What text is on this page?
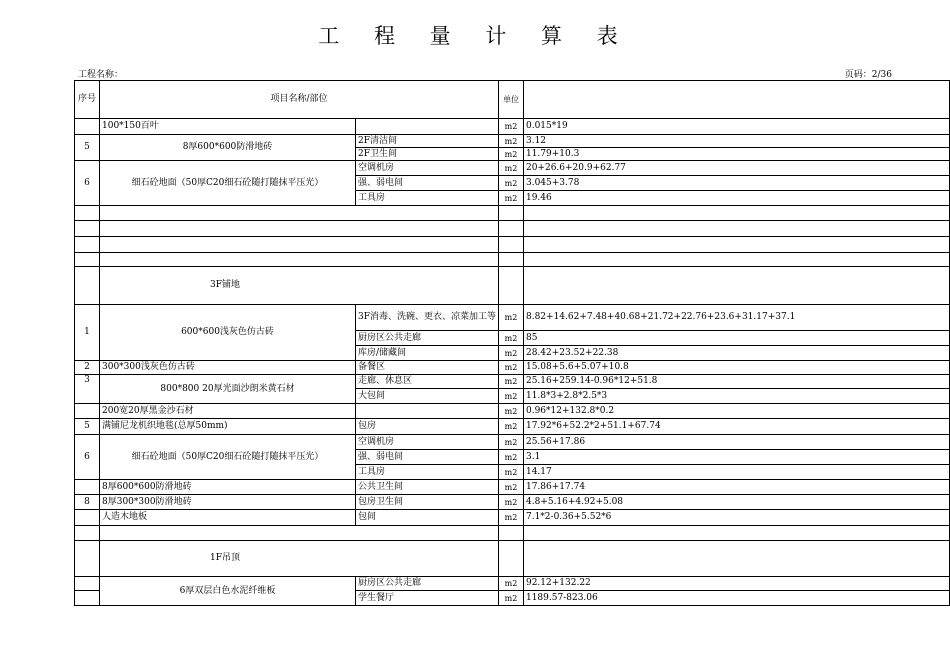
工 程 量 计 算 表
工程名称：	页码：2/36
序号	项目名称/部位		单位	
	100*150百叶		m2	0.015*19
5	8厚600*600防滑地砖	2F清洁间	m2	3.12
		2F卫生间	m2	11.79+10.3
6	细石砼地面（50厚C20细石砼随打随抹平压光）	空调机房	m2	20+26.6+20.9+62.77
		强、弱电间	m2	3.045+3.78
		工具房	m2	19.46

	3F铺地			
1	600*600浅灰色仿古砖	3F消毒、洗碗、更衣、凉菜加工等	m2	8.82+14.62+7.48+40.68+21.72+22.76+23.6+31.17+37.1
		厨房区公共走廊	m2	85
		库房/储藏间	m2	28.42+23.52+22.38
2	300*300浅灰色仿古砖	备餐区	m2	15.08+5.6+5.07+10.8
3	800*800 20厚光面沙朗米黄石材	走廊、休息区	m2	25.16+259.14-0.96*12+51.8
		大包间	m2	11.8*3+2.8*2.5*3
	200宽20厚黑金沙石材		m2	0.96*12+132.8*0.2
5	满铺尼龙机织地毯(总厚50mm)	包房	m2	17.92*6+52.2*2+51.1+67.74
6	细石砼地面（50厚C20细石砼随打随抹平压光）	空调机房	m2	25.56+17.86
		强、弱电间	m2	3.1
		工具房	m2	14.17
	8厚600*600防滑地砖	公共卫生间	m2	17.86+17.74
8	8厚300*300防滑地砖	包房卫生间	m2	4.8+5.16+4.92+5.08
	人造木地板	包间	m2	7.1*2-0.36+5.52*6

	1F吊顶			
	6厚双层白色水泥纤维板	厨房区公共走廊	m2	92.12+132.22
		学生餐厅	m2	1189.57-823.06
